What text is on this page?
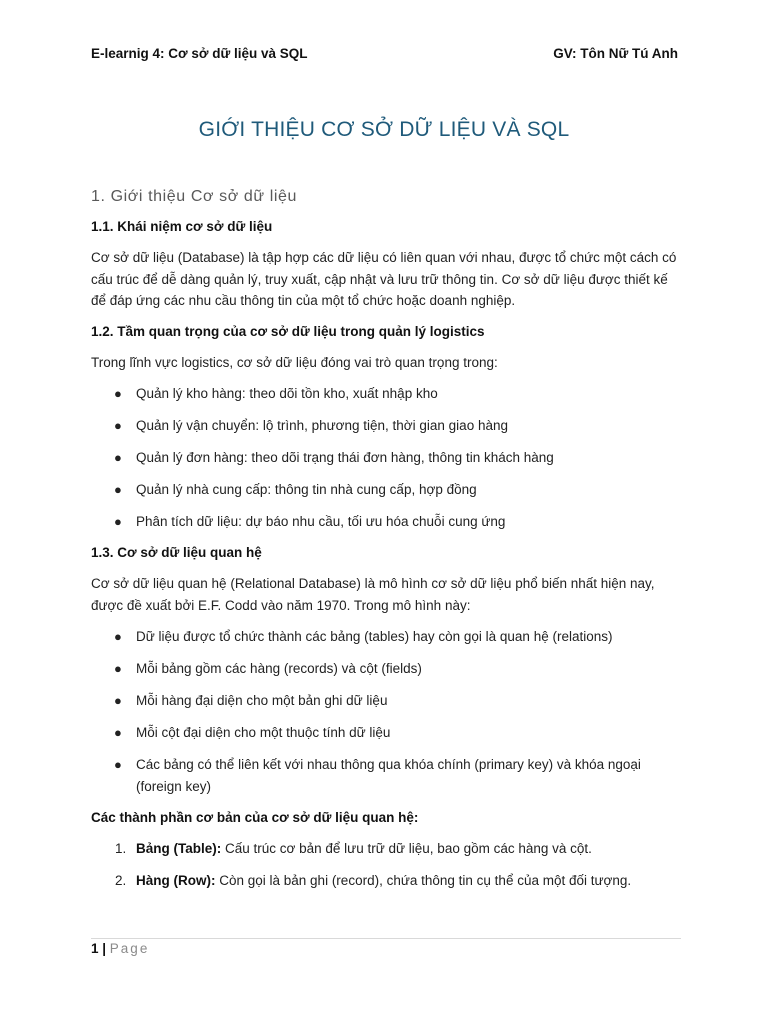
E-learnig 4: Cơ sở dữ liệu và SQL	GV: Tôn Nữ Tú Anh
GIỚI THIỆU CƠ SỞ DỮ LIỆU VÀ SQL
1. Giới thiệu Cơ sở dữ liệu
1.1. Khái niệm cơ sở dữ liệu

Cơ sở dữ liệu (Database) là tập hợp các dữ liệu có liên quan với nhau, được tổ chức một cách có cấu trúc để dễ dàng quản lý, truy xuất, cập nhật và lưu trữ thông tin. Cơ sở dữ liệu được thiết kế để đáp ứng các nhu cầu thông tin của một tổ chức hoặc doanh nghiệp.

1.2. Tầm quan trọng của cơ sở dữ liệu trong quản lý logistics

Trong lĩnh vực logistics, cơ sở dữ liệu đóng vai trò quan trọng trong:

● Quản lý kho hàng: theo dõi tồn kho, xuất nhập kho
● Quản lý vận chuyển: lộ trình, phương tiện, thời gian giao hàng
● Quản lý đơn hàng: theo dõi trạng thái đơn hàng, thông tin khách hàng
● Quản lý nhà cung cấp: thông tin nhà cung cấp, hợp đồng
● Phân tích dữ liệu: dự báo nhu cầu, tối ưu hóa chuỗi cung ứng
1.3. Cơ sở dữ liệu quan hệ

Cơ sở dữ liệu quan hệ (Relational Database) là mô hình cơ sở dữ liệu phổ biến nhất hiện nay, được đề xuất bởi E.F. Codd vào năm 1970. Trong mô hình này:

● Dữ liệu được tổ chức thành các bảng (tables) hay còn gọi là quan hệ (relations)
● Mỗi bảng gồm các hàng (records) và cột (fields)
● Mỗi hàng đại diện cho một bản ghi dữ liệu
● Mỗi cột đại diện cho một thuộc tính dữ liệu
● Các bảng có thể liên kết với nhau thông qua khóa chính (primary key) và khóa ngoại (foreign key)
Các thành phần cơ bản của cơ sở dữ liệu quan hệ:
1. Bảng (Table): Cấu trúc cơ bản để lưu trữ dữ liệu, bao gồm các hàng và cột.
2. Hàng (Row): Còn gọi là bản ghi (record), chứa thông tin cụ thể của một đối tượng.
1 | Page
